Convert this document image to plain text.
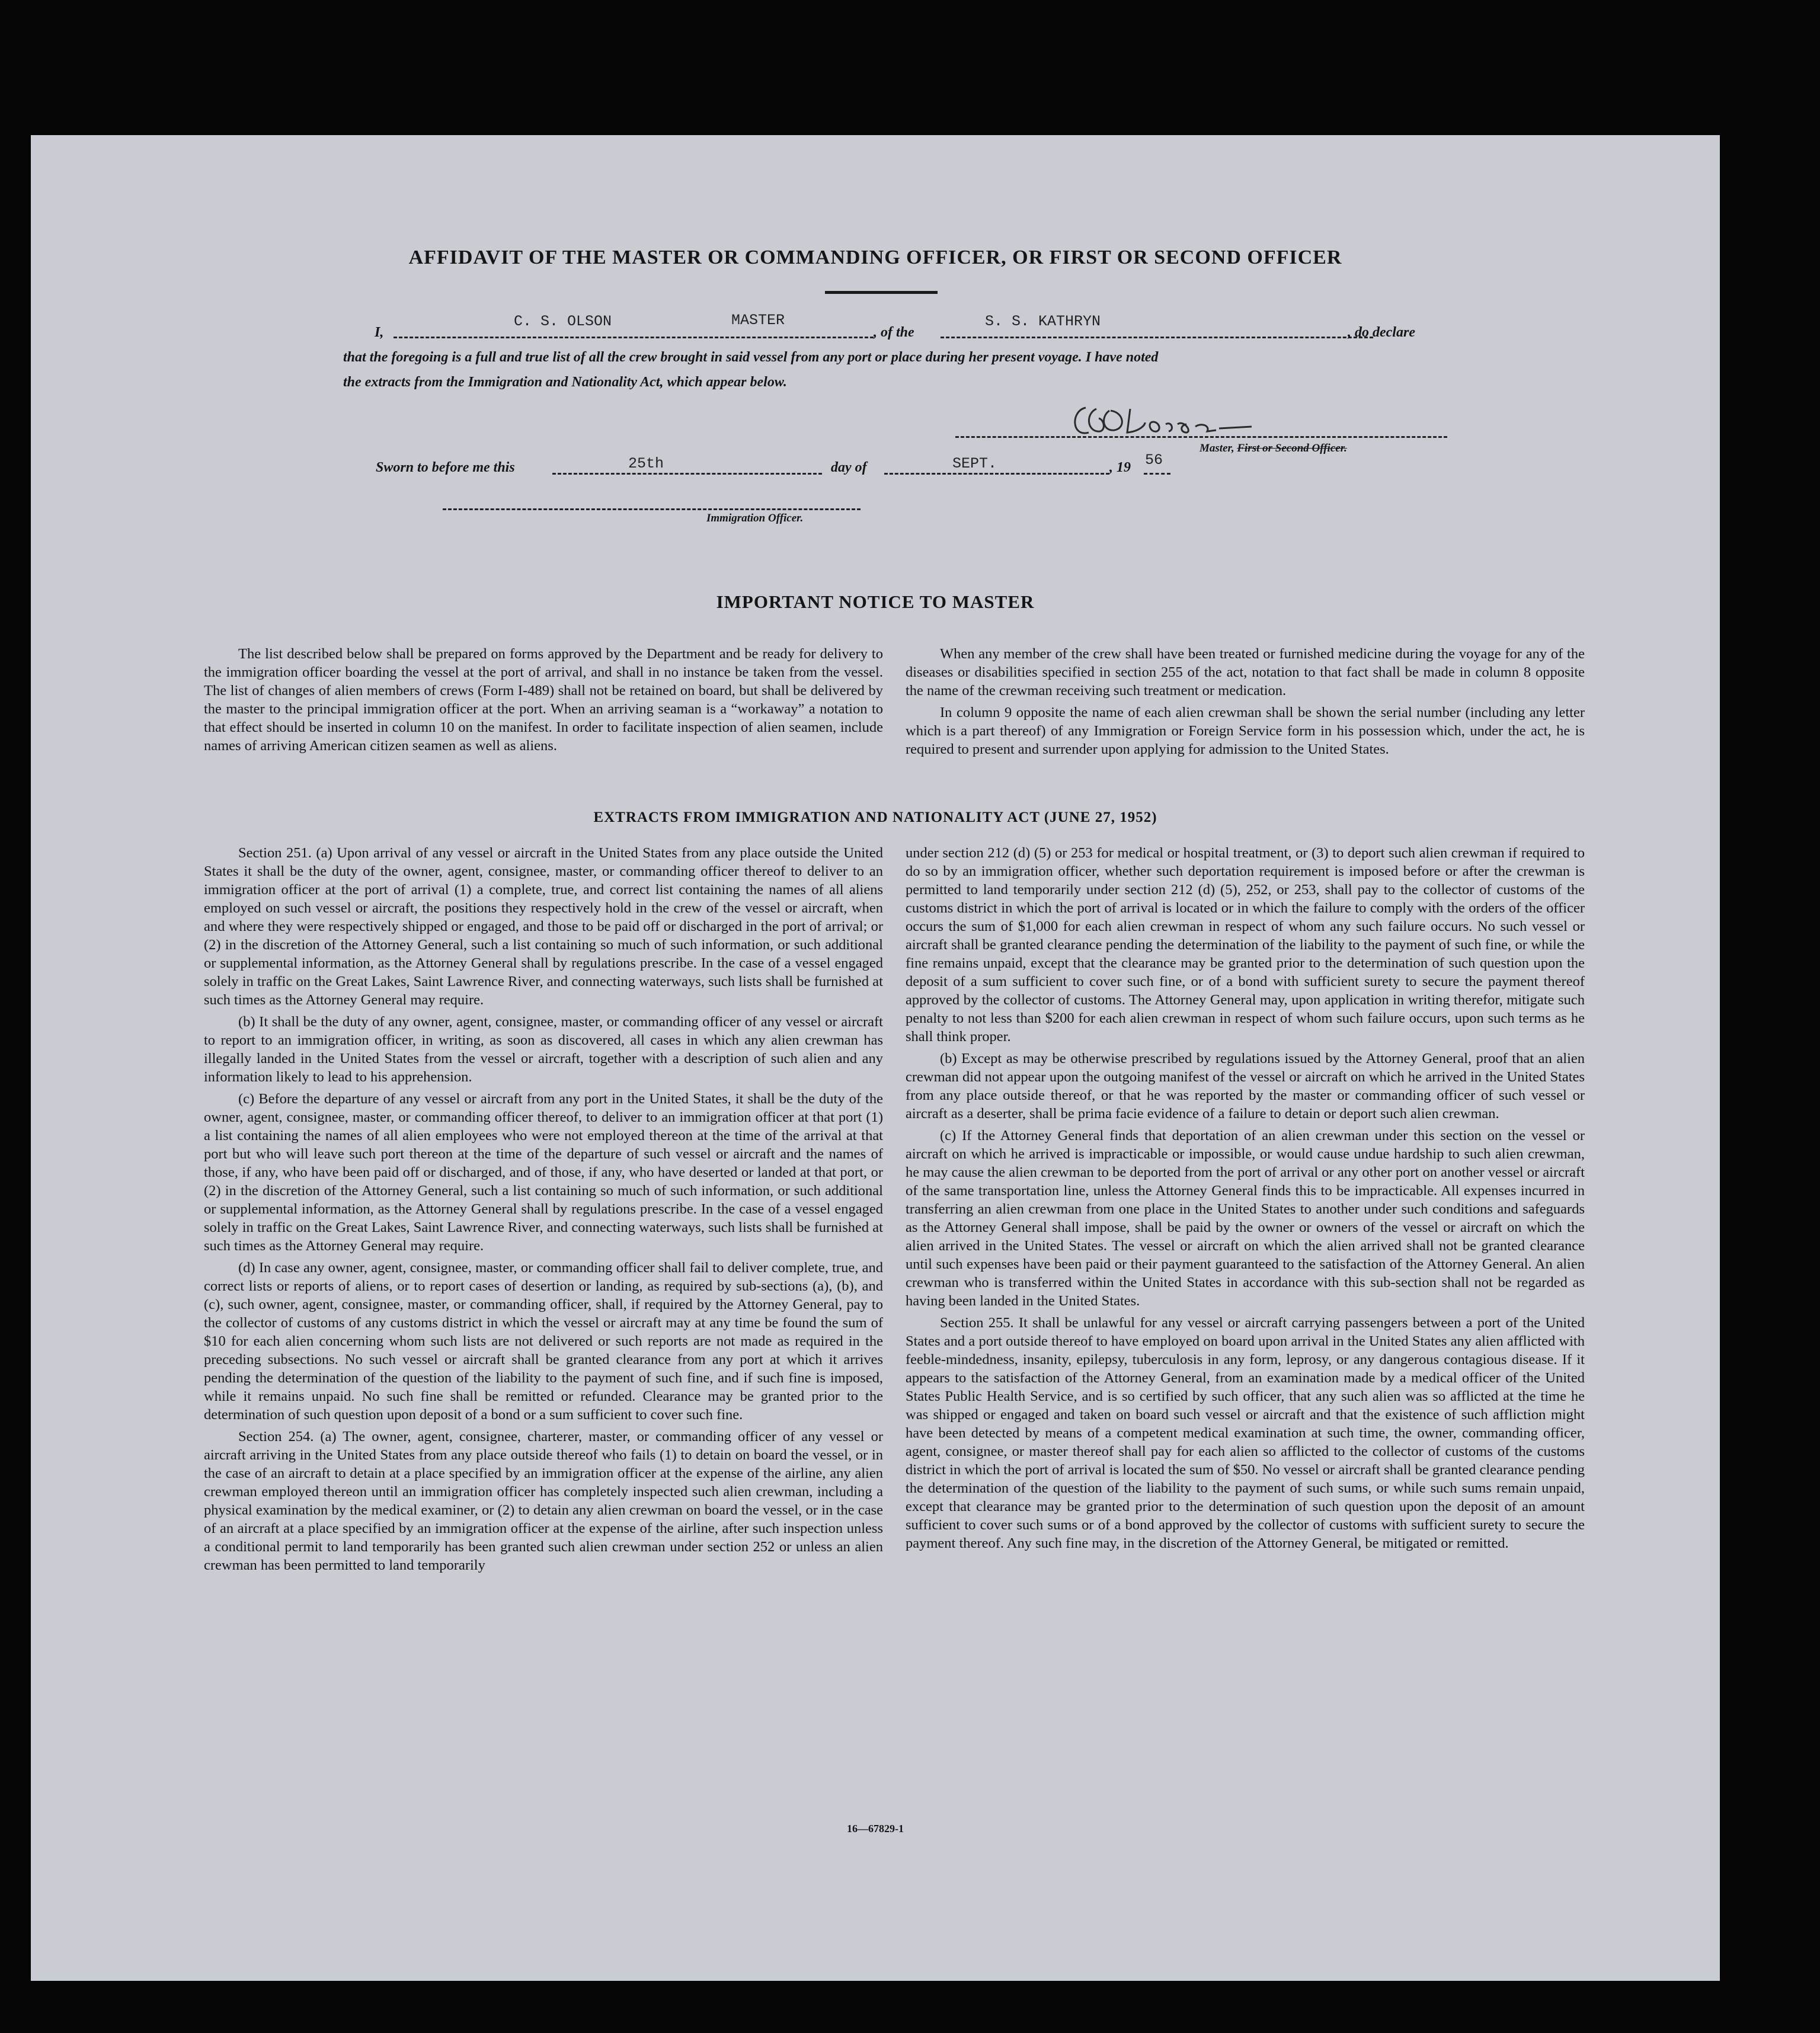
AFFIDAVIT OF THE MASTER OR COMMANDING OFFICER, OR FIRST OR SECOND OFFICER
I,
C. S. OLSON	MASTER
, of the
S. S. KATHRYN
, do declare
that the foregoing is a full and true list of all the crew brought in said vessel from any port or place during her present voyage. I have noted
the extracts from the Immigration and Nationality Act, which appear below.
Master, First or Second Officer.
Sworn to before me this	25th	day of	SEPT.	, 19 56
Immigration Officer.
IMPORTANT NOTICE TO MASTER

The list described below shall be prepared on forms approved by the Department and be ready for delivery to the immigration officer boarding the vessel at the port of arrival, and shall in no instance be taken from the vessel. The list of changes of alien members of crews (Form I-489) shall not be retained on board, but shall be delivered by the master to the principal immigration officer at the port. When an arriving seaman is a “workaway” a notation to that effect should be inserted in column 10 on the manifest. In order to facilitate inspection of alien seamen, include names of arriving American citizen seamen as well as aliens.

When any member of the crew shall have been treated or furnished medicine during the voyage for any of the diseases or disabilities specified in section 255 of the act, notation to that fact shall be made in column 8 opposite the name of the crewman receiving such treatment or medication.

In column 9 opposite the name of each alien crewman shall be shown the serial number (including any letter which is a part thereof) of any Immigration or Foreign Service form in his possession which, under the act, he is required to present and surrender upon applying for admission to the United States.

EXTRACTS FROM IMMIGRATION AND NATIONALITY ACT (JUNE 27, 1952)

Section 251. (a) Upon arrival of any vessel or aircraft in the United States from any place outside the United States it shall be the duty of the owner, agent, consignee, master, or commanding officer thereof to deliver to an immigration officer at the port of arrival (1) a complete, true, and correct list containing the names of all aliens employed on such vessel or aircraft, the positions they respectively hold in the crew of the vessel or aircraft, when and where they were respectively shipped or engaged, and those to be paid off or discharged in the port of arrival; or (2) in the discretion of the Attorney General, such a list containing so much of such information, or such additional or supplemental information, as the Attorney General shall by regulations prescribe. In the case of a vessel engaged solely in traffic on the Great Lakes, Saint Lawrence River, and connecting waterways, such lists shall be furnished at such times as the Attorney General may require.

(b) It shall be the duty of any owner, agent, consignee, master, or commanding officer of any vessel or aircraft to report to an immigration officer, in writing, as soon as discovered, all cases in which any alien crewman has illegally landed in the United States from the vessel or aircraft, together with a description of such alien and any information likely to lead to his apprehension.

(c) Before the departure of any vessel or aircraft from any port in the United States, it shall be the duty of the owner, agent, consignee, master, or commanding officer thereof, to deliver to an immigration officer at that port (1) a list containing the names of all alien employees who were not employed thereon at the time of the arrival at that port but who will leave such port thereon at the time of the departure of such vessel or aircraft and the names of those, if any, who have been paid off or discharged, and of those, if any, who have deserted or landed at that port, or (2) in the discretion of the Attorney General, such a list containing so much of such information, or such additional or supplemental information, as the Attorney General shall by regulations prescribe. In the case of a vessel engaged solely in traffic on the Great Lakes, Saint Lawrence River, and connecting waterways, such lists shall be furnished at such times as the Attorney General may require.

(d) In case any owner, agent, consignee, master, or commanding officer shall fail to deliver complete, true, and correct lists or reports of aliens, or to report cases of desertion or landing, as required by sub-sections (a), (b), and (c), such owner, agent, consignee, master, or commanding officer, shall, if required by the Attorney General, pay to the collector of customs of any customs district in which the vessel or aircraft may at any time be found the sum of $10 for each alien concerning whom such lists are not delivered or such reports are not made as required in the preceding subsections. No such vessel or aircraft shall be granted clearance from any port at which it arrives pending the determination of the question of the liability to the payment of such fine, and if such fine is imposed, while it remains unpaid. No such fine shall be remitted or refunded. Clearance may be granted prior to the determination of such question upon deposit of a bond or a sum sufficient to cover such fine.

Section 254. (a) The owner, agent, consignee, charterer, master, or commanding officer of any vessel or aircraft arriving in the United States from any place outside thereof who fails (1) to detain on board the vessel, or in the case of an aircraft to detain at a place specified by an immigration officer at the expense of the airline, any alien crewman employed thereon until an immigration officer has completely inspected such alien crewman, including a physical examination by the medical examiner, or (2) to detain any alien crewman on board the vessel, or in the case of an aircraft at a place specified by an immigration officer at the expense of the airline, after such inspection unless a conditional permit to land temporarily has been granted such alien crewman under section 252 or unless an alien crewman has been permitted to land temporarily

under section 212 (d) (5) or 253 for medical or hospital treatment, or (3) to deport such alien crewman if required to do so by an immigration officer, whether such deportation requirement is imposed before or after the crewman is permitted to land temporarily under section 212 (d) (5), 252, or 253, shall pay to the collector of customs of the customs district in which the port of arrival is located or in which the failure to comply with the orders of the officer occurs the sum of $1,000 for each alien crewman in respect of whom any such failure occurs. No such vessel or aircraft shall be granted clearance pending the determination of the liability to the payment of such fine, or while the fine remains unpaid, except that the clearance may be granted prior to the determination of such question upon the deposit of a sum sufficient to cover such fine, or of a bond with sufficient surety to secure the payment thereof approved by the collector of customs. The Attorney General may, upon application in writing therefor, mitigate such penalty to not less than $200 for each alien crewman in respect of whom such failure occurs, upon such terms as he shall think proper.

(b) Except as may be otherwise prescribed by regulations issued by the Attorney General, proof that an alien crewman did not appear upon the outgoing manifest of the vessel or aircraft on which he arrived in the United States from any place outside thereof, or that he was reported by the master or commanding officer of such vessel or aircraft as a deserter, shall be prima facie evidence of a failure to detain or deport such alien crewman.

(c) If the Attorney General finds that deportation of an alien crewman under this section on the vessel or aircraft on which he arrived is impracticable or impossible, or would cause undue hardship to such alien crewman, he may cause the alien crewman to be deported from the port of arrival or any other port on another vessel or aircraft of the same transportation line, unless the Attorney General finds this to be impracticable. All expenses incurred in transferring an alien crewman from one place in the United States to another under such conditions and safeguards as the Attorney General shall impose, shall be paid by the owner or owners of the vessel or aircraft on which the alien arrived in the United States. The vessel or aircraft on which the alien arrived shall not be granted clearance until such expenses have been paid or their payment guaranteed to the satisfaction of the Attorney General. An alien crewman who is transferred within the United States in accordance with this sub-section shall not be regarded as having been landed in the United States.

Section 255. It shall be unlawful for any vessel or aircraft carrying passengers between a port of the United States and a port outside thereof to have employed on board upon arrival in the United States any alien afflicted with feeble-mindedness, insanity, epilepsy, tuberculosis in any form, leprosy, or any dangerous contagious disease. If it appears to the satisfaction of the Attorney General, from an examination made by a medical officer of the United States Public Health Service, and is so certified by such officer, that any such alien was so afflicted at the time he was shipped or engaged and taken on board such vessel or aircraft and that the existence of such affliction might have been detected by means of a competent medical examination at such time, the owner, commanding officer, agent, consignee, or master thereof shall pay for each alien so afflicted to the collector of customs of the customs district in which the port of arrival is located the sum of $50. No vessel or aircraft shall be granted clearance pending the determination of the question of the liability to the payment of such sums, or while such sums remain unpaid, except that clearance may be granted prior to the determination of such question upon the deposit of an amount sufficient to cover such sums or of a bond approved by the collector of customs with sufficient surety to secure the payment thereof. Any such fine may, in the discretion of the Attorney General, be mitigated or remitted.

16—67829-1
